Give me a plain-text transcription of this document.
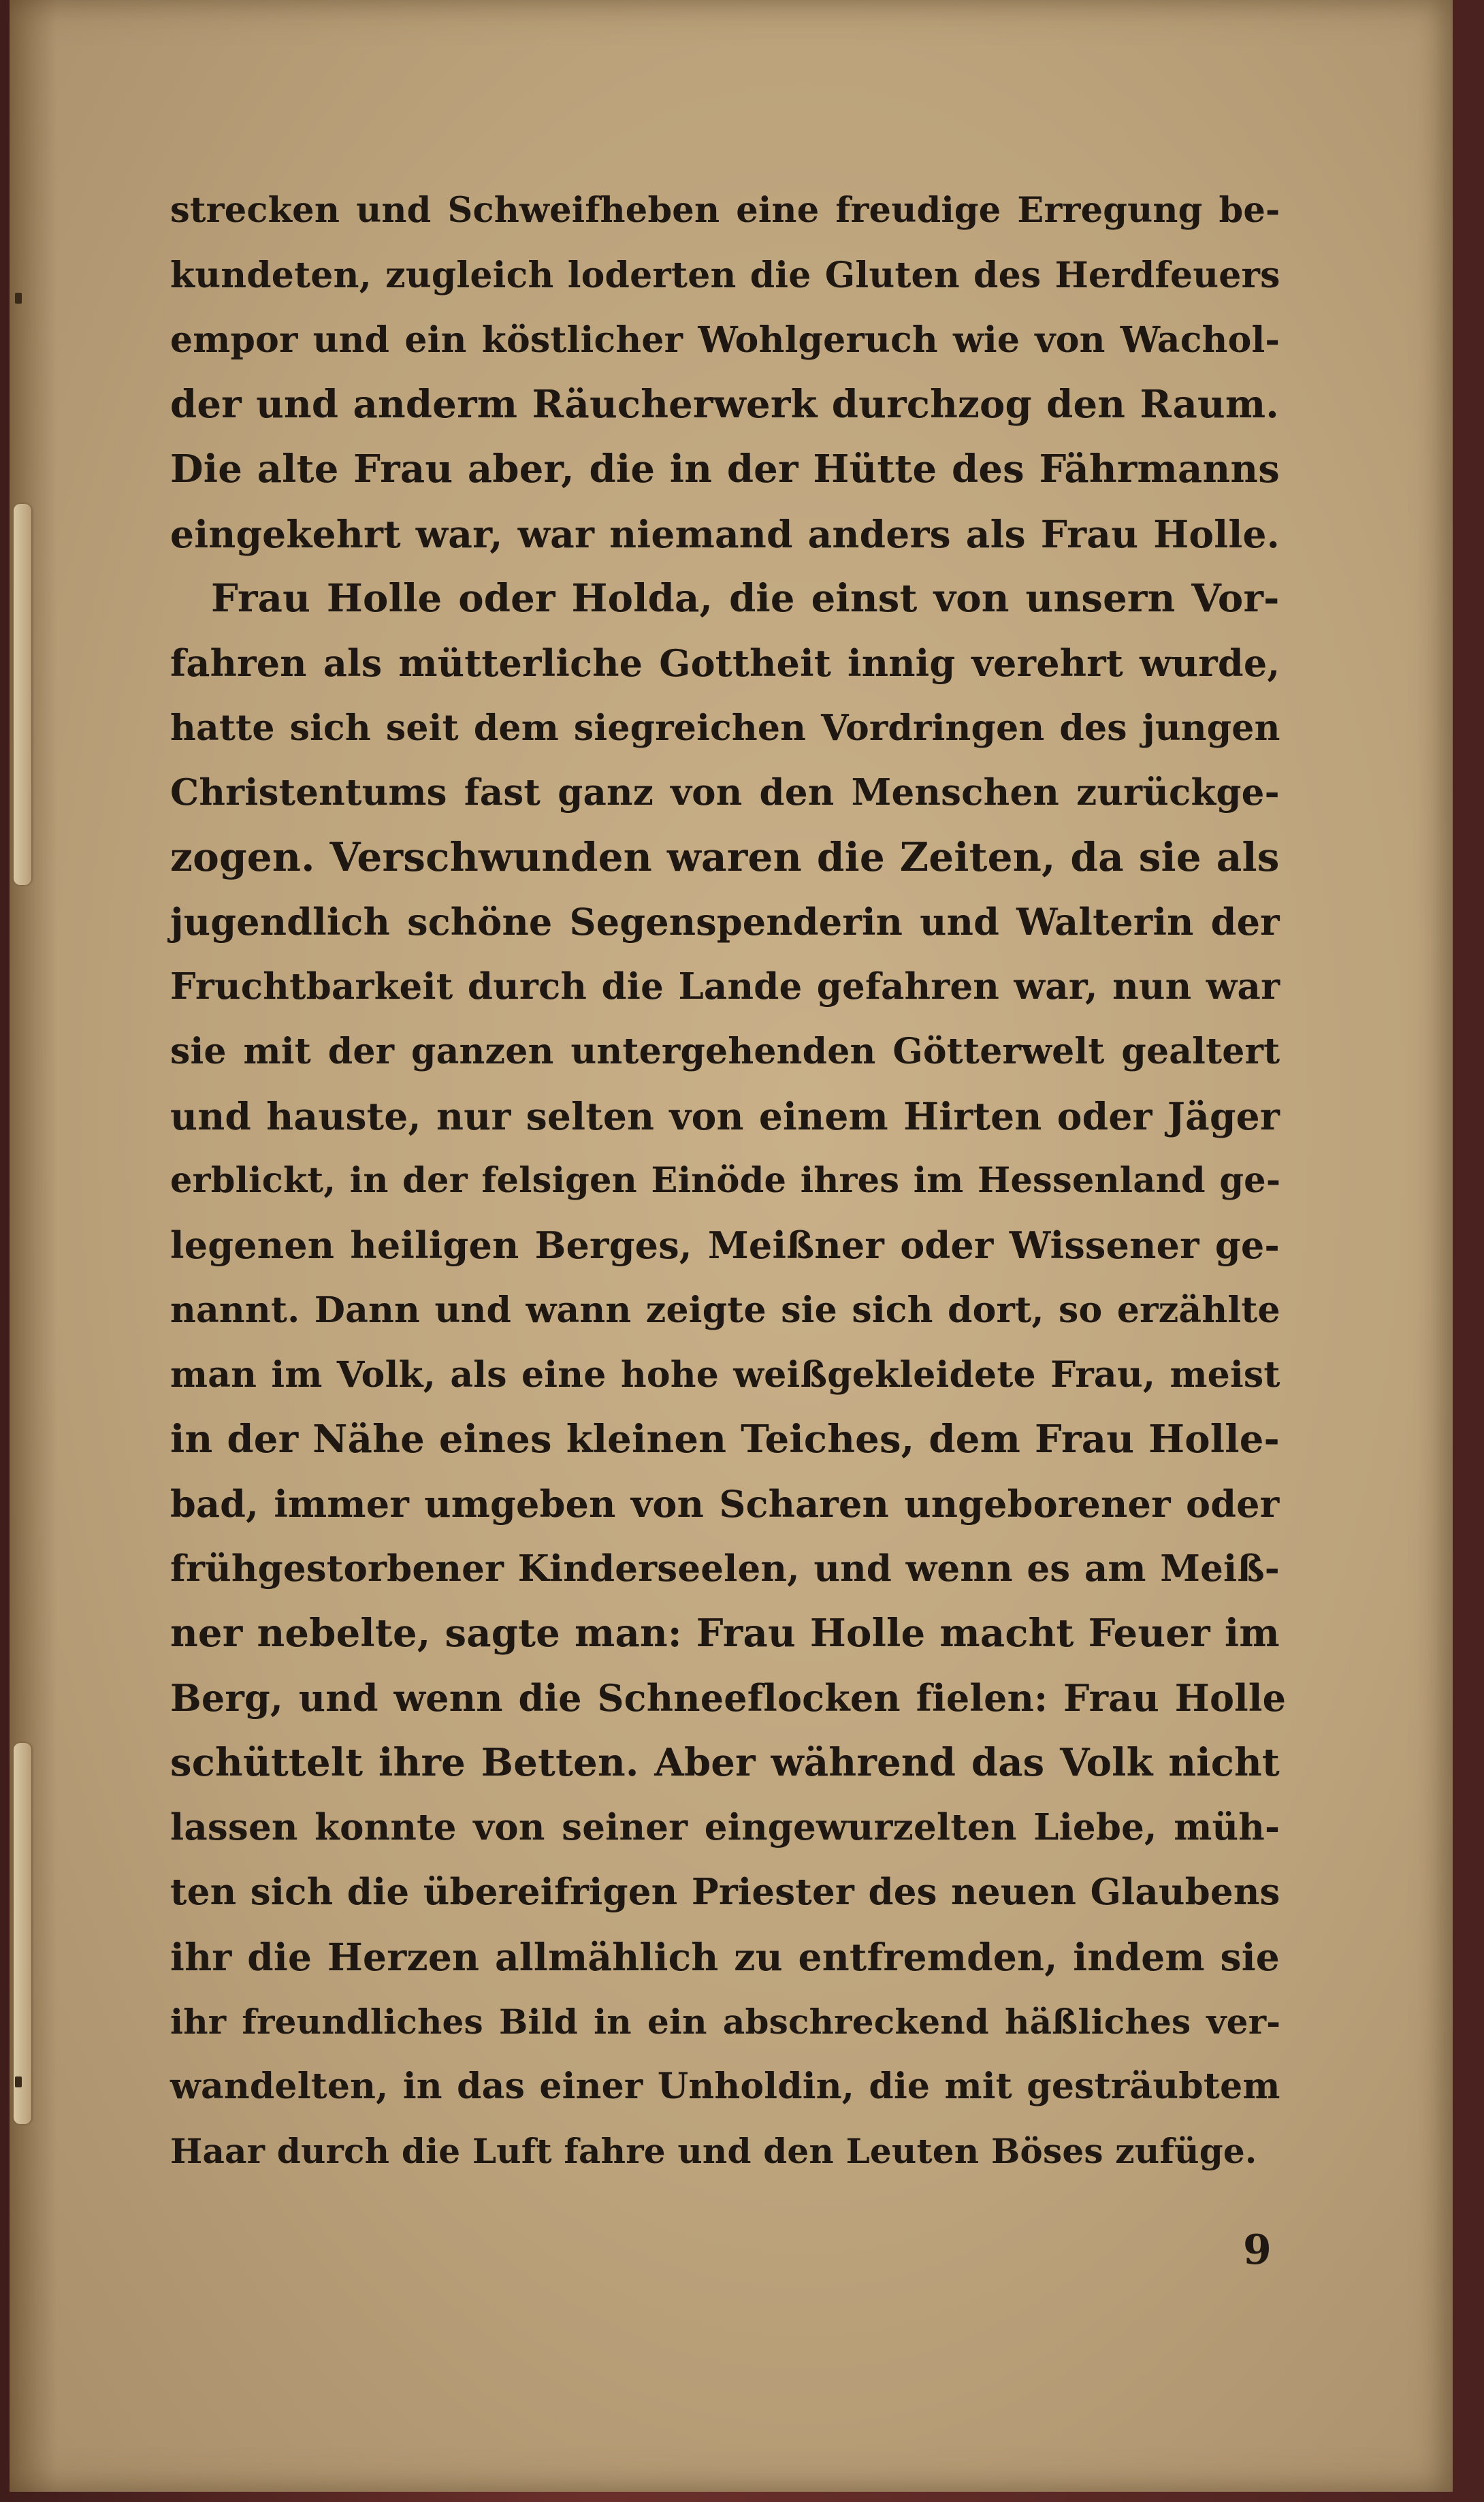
strecken und Schweifheben eine freudige Erregung be-
kundeten, zugleich loderten die Gluten des Herdfeuers
empor und ein köstlicher Wohlgeruch wie von Wachol-
der und anderm Räucherwerk durchzog den Raum.
Die alte Frau aber, die in der Hütte des Fährmanns
eingekehrt war, war niemand anders als Frau Holle.
Frau Holle oder Holda, die einst von unsern Vor-
fahren als mütterliche Gottheit innig verehrt wurde,
hatte sich seit dem siegreichen Vordringen des jungen
Christentums fast ganz von den Menschen zurückge-
zogen. Verschwunden waren die Zeiten, da sie als
jugendlich schöne Segenspenderin und Walterin der
Fruchtbarkeit durch die Lande gefahren war, nun war
sie mit der ganzen untergehenden Götterwelt gealtert
und hauste, nur selten von einem Hirten oder Jäger
erblickt, in der felsigen Einöde ihres im Hessenland ge-
legenen heiligen Berges, Meißner oder Wissener ge-
nannt. Dann und wann zeigte sie sich dort, so erzählte
man im Volk, als eine hohe weißgekleidete Frau, meist
in der Nähe eines kleinen Teiches, dem Frau Holle-
bad, immer umgeben von Scharen ungeborener oder
frühgestorbener Kinderseelen, und wenn es am Meiß-
ner nebelte, sagte man: Frau Holle macht Feuer im
Berg, und wenn die Schneeflocken fielen: Frau Holle
schüttelt ihre Betten. Aber während das Volk nicht
lassen konnte von seiner eingewurzelten Liebe, müh-
ten sich die übereifrigen Priester des neuen Glaubens
ihr die Herzen allmählich zu entfremden, indem sie
ihr freundliches Bild in ein abschreckend häßliches ver-
wandelten, in das einer Unholdin, die mit gesträubtem
Haar durch die Luft fahre und den Leuten Böses zufüge.
9
